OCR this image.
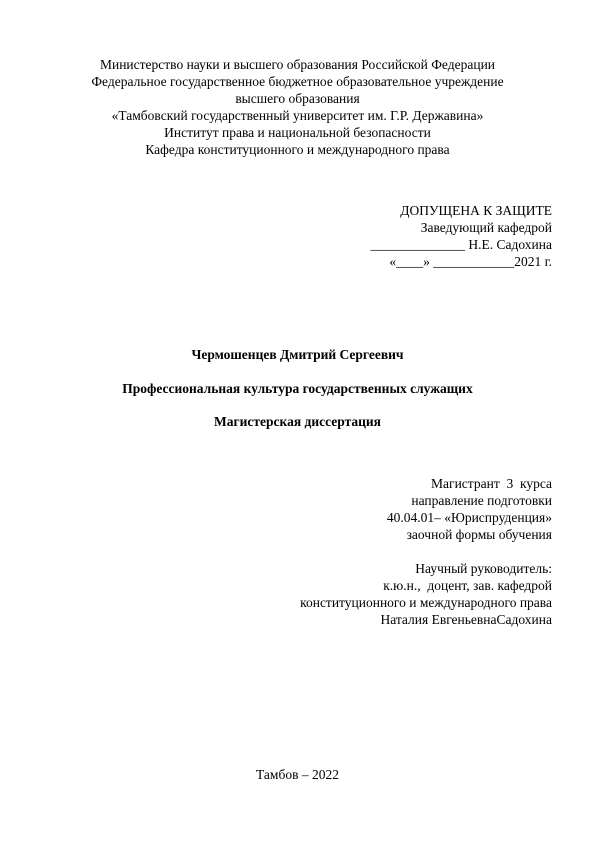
Министерство науки и высшего образования Российской Федерации
Федеральное государственное бюджетное образовательное учреждение
высшего образования
«Тамбовский государственный университет им. Г.Р. Державина»
Институт права и национальной безопасности
Кафедра конституционного и международного права
ДОПУЩЕНА К ЗАЩИТЕ
Заведующий кафедрой
______________ Н.Е. Садохина
«____» ____________2021 г.
Чермошенцев Дмитрий Сергеевич
Профессиональная культура государственных служащих
Магистерская диссертация
Магистрант  3  курса
направление подготовки
40.04.01– «Юриспруденция»
заочной формы обучения
Научный руководитель:
к.ю.н.,  доцент, зав. кафедрой
конституционного и международного права
Наталия ЕвгеньевнаСадохина
Тамбов – 2022
